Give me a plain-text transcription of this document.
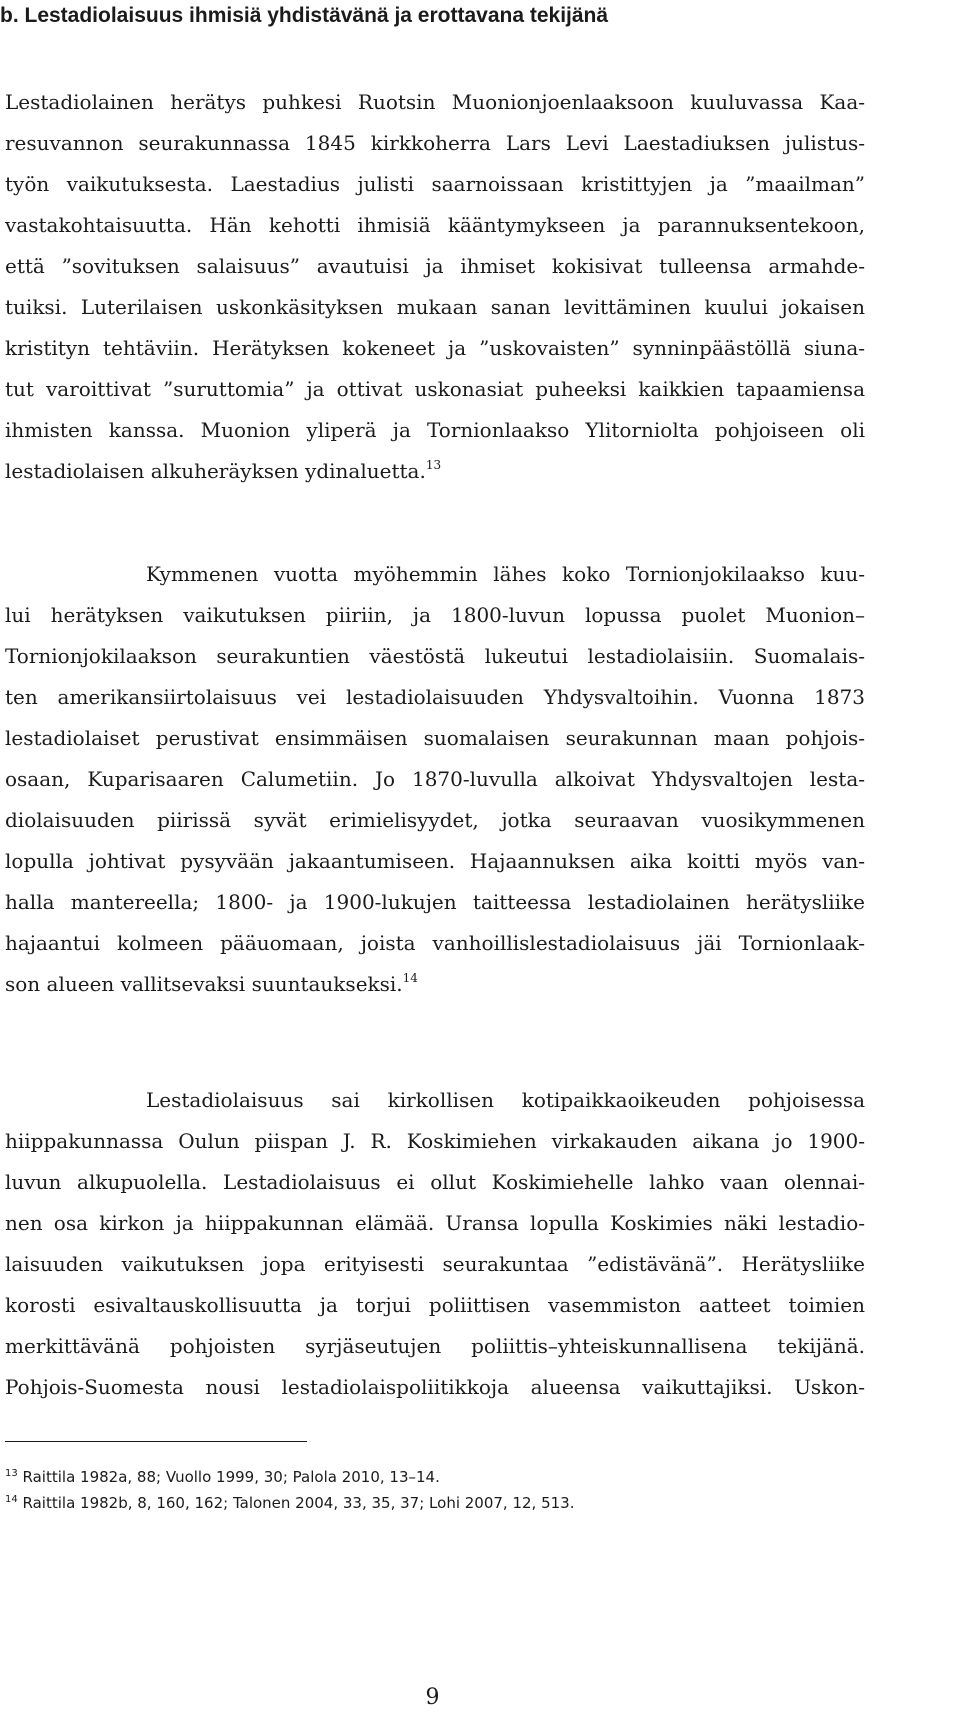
b. Lestadiolaisuus ihmisiä yhdistävänä ja erottavana tekijänä
Lestadiolainen herätys puhkesi Ruotsin Muonionjoenlaaksoon kuuluvassa Kaa-
resuvannon seurakunnassa 1845 kirkkoherra Lars Levi Laestadiuksen julistus-
työn vaikutuksesta. Laestadius julisti saarnoissaan kristittyjen ja ”maailman”
vastakohtaisuutta. Hän kehotti ihmisiä kääntymykseen ja parannuksentekoon,
että ”sovituksen salaisuus” avautuisi ja ihmiset kokisivat tulleensa armahde-
tuiksi. Luterilaisen uskonkäsityksen mukaan sanan levittäminen kuului jokaisen
kristityn tehtäviin. Herätyksen kokeneet ja ”uskovaisten” synninpäästöllä siuna-
tut varoittivat ”suruttomia” ja ottivat uskonasiat puheeksi kaikkien tapaamiensa
ihmisten kanssa. Muonion yliperä ja Tornionlaakso Ylitorniolta pohjoiseen oli
lestadiolaisen alkuheräyksen ydinaluetta.$^{13}$
Kymmenen vuotta myöhemmin lähes koko Tornionjokilaakso kuu-
lui herätyksen vaikutuksen piiriin, ja 1800-luvun lopussa puolet Muonion–
Tornionjokilaakson seurakuntien väestöstä lukeutui lestadiolaisiin. Suomalais-
ten amerikansiirtolaisuus vei lestadiolaisuuden Yhdysvaltoihin. Vuonna 1873
lestadiolaiset perustivat ensimmäisen suomalaisen seurakunnan maan pohjois-
osaan, Kuparisaaren Calumetiin. Jo 1870-luvulla alkoivat Yhdysvaltojen lesta-
diolaisuuden piirissä syvät erimielisyydet, jotka seuraavan vuosikymmenen
lopulla johtivat pysyvään jakaantumiseen. Hajaannuksen aika koitti myös van-
halla mantereella; 1800- ja 1900-lukujen taitteessa lestadiolainen herätysliike
hajaantui kolmeen pääuomaan, joista vanhoillislestadiolaisuus jäi Tornionlaak-
son alueen vallitsevaksi suuntaukseksi.$^{14}$
Lestadiolaisuus sai kirkollisen kotipaikkaoikeuden pohjoisessa
hiippakunnassa Oulun piispan J. R. Koskimiehen virkakauden aikana jo 1900-
luvun alkupuolella. Lestadiolaisuus ei ollut Koskimiehelle lahko vaan olennai-
nen osa kirkon ja hiippakunnan elämää. Uransa lopulla Koskimies näki lestadio-
laisuuden vaikutuksen jopa erityisesti seurakuntaa ”edistävänä”. Herätysliike
korosti esivaltauskollisuutta ja torjui poliittisen vasemmiston aatteet toimien
merkittävänä pohjoisten syrjäseutujen poliittis–yhteiskunnallisena tekijänä.
Pohjois-Suomesta nousi lestadiolaispoliitikkoja alueensa vaikuttajiksi. Uskon-
$^{13}$ Raittila 1982a, 88; Vuollo 1999, 30; Palola 2010, 13–14.
$^{14}$ Raittila 1982b, 8, 160, 162; Talonen 2004, 33, 35, 37; Lohi 2007, 12, 513.
9
